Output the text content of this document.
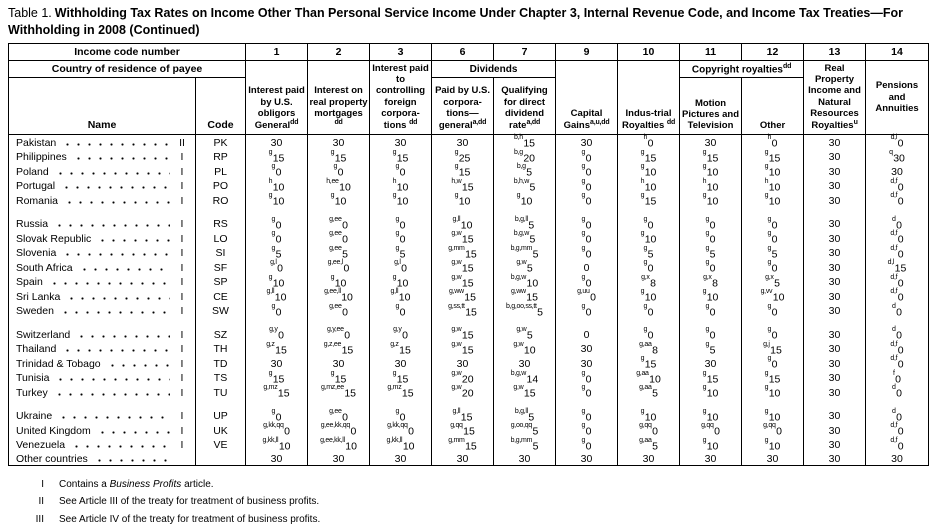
Table 1. Withholding Tax Rates on Income Other Than Personal Service Income Under Chapter 3, Internal Revenue Code, and Income Tax Treaties—For Withholding in 2008 (Continued)
Income code number		1	2	3	6	7	9	10	11	12	13	14
Country of residence of payee		Interest paid by U.S. obligors General$^{dd}$	Interest on real property mortgages $^{dd}$	Interest paid to controlling foreign corpora-tions $^{dd}$	Dividends		Capital Gains$^{a,u,dd}$	Indus-trial Royalties $^{dd}$	Copyright royalties$^{dd}$		Real Property Income and Natural Resources Royalties$^u$	Pensions and Annuities
Name	Code				Paid by U.S. corpora-tions—general$^{a,dd}$	Qualifying for direct dividend rate$^{a,dd}$			Motion Pictures and Television	Other		

Pakistan II	PK	30	30	30	30	$^{b,h}$15	30	$^h$0	30	$^h$0	30	$^{d,l}$0

Philippines I	RP	$^g$15	$^g$15	$^g$15	$^g$25	$^{b,g}$20	$^g$0	$^g$15	$^g$15	$^g$15	30	$^q$30

Poland I	PL	$^g$0	$^g$0	$^g$0	$^g$15	$^{b,g}$5	$^g$0	$^g$10	$^g$10	$^g$10	30	30

Portugal I	PO	$^h$10	$^{h,ee}$10	$^h$10	$^{h,w}$15	$^{b,h,w}$5	$^g$0	$^h$10	$^h$10	$^h$10	30	$^{d,f}$0

Romania I	RO	$^g$10	$^g$10	$^g$10	$^g$10	$^g$10	$^g$0	$^g$15	$^g$10	$^g$10	30	$^{d,f}$0

Russia I	RS	$^g$0	$^{g,ee}$0	$^g$0	$^{g,ll}$10	$^{b,g,ll}$5	$^g$0	$^g$0	$^g$0	$^g$0	30	$^d$0

Slovak Republic I	LO	$^g$0	$^{g,ee}$0	$^g$0	$^{g,w}$15	$^{b,g,w}$5	$^g$0	$^g$10	$^g$0	$^g$0	30	$^{d,f}$0

Slovenia I	SI	$^g$5	$^{g,ee}$5	$^g$5	$^{g,mm}$15	$^{b,g,mm}$5	$^g$0	$^g$5	$^g$5	$^g$5	30	$^{d,f}$0

South Africa I	SF	$^{g,l}$0	$^{g,ee,l}$0	$^{g,l}$0	$^{g,w}$15	$^{g,w}$5	0	$^g$0	$^g$0	$^g$0	30	$^{d,l}$15

Spain I	SP	$^g$10	$^g$10	$^g$10	$^{g,w}$15	$^{b,g,w}$10	$^g$0	$^{g,x}$8	$^{g,x}$8	$^{g,x}$5	30	$^{d,f}$0

Sri Lanka I	CE	$^{g,ll}$10	$^{g,ee,ll}$10	$^{g,ll}$10	$^{g,ww}$15	$^{g,ww}$15	$^{g,uu}$0	$^g$10	$^g$10	$^{g,vv}$10	30	$^{d,f}$0

Sweden I	SW	$^g$0	$^{g,ee}$0	$^g$0	$^{g,ss,tt}$15	$^{b,g,oo,ss,tt}$5	$^g$0	$^g$0	$^g$0	$^g$0	30	$^d$0

Switzerland I	SZ	$^{g,y}$0	$^{g,y,ee}$0	$^{g,y}$0	$^{g,w}$15	$^{g,w}$5	0	$^g$0	$^g$0	$^g$0	30	$^d$0

Thailand I	TH	$^{g,z}$15	$^{g,z,ee}$15	$^{g,z}$15	$^{g,w}$15	$^{g,w}$10	30	$^{g,aa}$8	$^g$5	$^{g,j}$15	30	$^{d,f}$0

Trinidad & Tobago I	TD	30	30	30	30	30	30	$^g$15	30	$^g$0	30	$^{d,f}$0

Tunisia I	TS	$^g$15	$^g$15	$^g$15	$^{g,w}$20	$^{b,g,w}$14	$^g$0	$^{g,aa}$10	$^g$15	$^g$15	30	$^f$0

Turkey I	TU	$^{g,mz}$15	$^{g,mz,ee}$15	$^{g,mz}$15	$^{g,w}$20	$^{g,w}$15	$^g$0	$^{g,aa}$5	$^g$10	$^g$10	30	$^d$0

Ukraine I	UP	$^g$0	$^{g,ee}$0	$^g$0	$^{g,ll}$15	$^{b,g,ll}$5	$^g$0	$^g$10	$^g$10	$^g$10	30	$^d$0

United Kingdom I	UK	$^{g,kk,qq}$0	$^{g,ee,kk,qq}$0	$^{g,kk,qq}$0	$^{g,qq}$15	$^{g,oo,qq}$5	$^g$0	$^{g,qq}$0	$^{g,qq}$0	$^{g,qq}$0	30	$^{d,f}$0

Venezuela I	VE	$^{g,kk,ll}$10	$^{g,ee,kk,ll}$10	$^{g,kk,ll}$10	$^{g,mm}$15	$^{b,g,mm}$5	$^g$0	$^{g,aa}$5	$^g$10	$^g$10	30	$^{d,f}$0

Other countries		30	30	30	30	30	30	30	30	30	30	30
I Contains a Business Profits article.
II See Article III of the treaty for treatment of business profits.
III See Article IV of the treaty for treatment of business profits.
